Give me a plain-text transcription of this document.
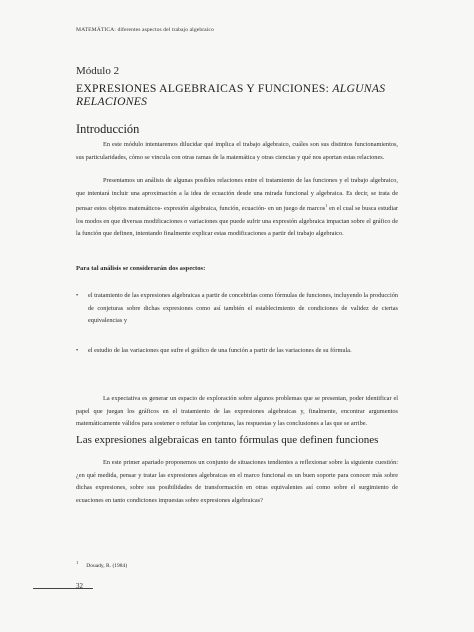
MATEMÁTICA: diferentes aspectos del trabajo algebraico
Módulo 2
EXPRESIONES ALGEBRAICAS Y FUNCIONES: ALGUNAS RELACIONES
Introducción

En este módulo intentaremos dilucidar qué implica el trabajo algebraico, cuáles son sus distintos funcionamientos, sus particularidades, cómo se vincula con otras ramas de la matemática y otras ciencias y qué nos aportan estas relaciones.

Presentamos un análisis de algunas posibles relaciones entre el tratamiento de las funciones y el trabajo algebraico, que intentará incluir una aproximación a la idea de ecuación desde una mirada funcional y algebraica. Es decir, se trata de pensar estos objetos matemáticos- expresión algebraica, función, ecuación- en un juego de marcos$^1$ en el cual se busca estudiar los modos en que diversas modificaciones o variaciones que puede sufrir una expresión algebraica impactan sobre el gráfico de la función que definen, intentando finalmente explicar estas modificaciones a partir del trabajo algebraico.

Para tal análisis se considerarán dos aspectos:
• el tratamiento de las expresiones algebraicas a partir de concebirlas como fórmulas de funciones, incluyendo la producción de conjeturas sobre dichas expresiones como así también el establecimiento de condiciones de validez de ciertas equivalencias y
• el estudio de las variaciones que sufre el gráfico de una función a partir de las variaciones de su fórmula.

La expectativa es generar un espacio de exploración sobre algunos problemas que se presentan, poder identificar el papel que juegan los gráficos en el tratamiento de las expresiones algebraicas y, finalmente, encontrar argumentos matemáticamente válidos para sostener o refutar las conjeturas, las respuestas y las conclusiones a las que se arribe.

Las expresiones algebraicas en tanto fórmulas que definen funciones

En este primer apartado proponemos un conjunto de situaciones tendientes a reflexionar sobre la siguiente cuestión: ¿en qué medida, pensar y tratar las expresiones algebraicas en el marco funcional es un buen soporte para conocer más sobre dichas expresiones, sobre sus posibilidades de transformación en otras equivalentes así como sobre el surgimiento de ecuaciones en tanto condiciones impuestas sobre expresiones algebraicas?

$^1$Douady, R. (1984)
32
